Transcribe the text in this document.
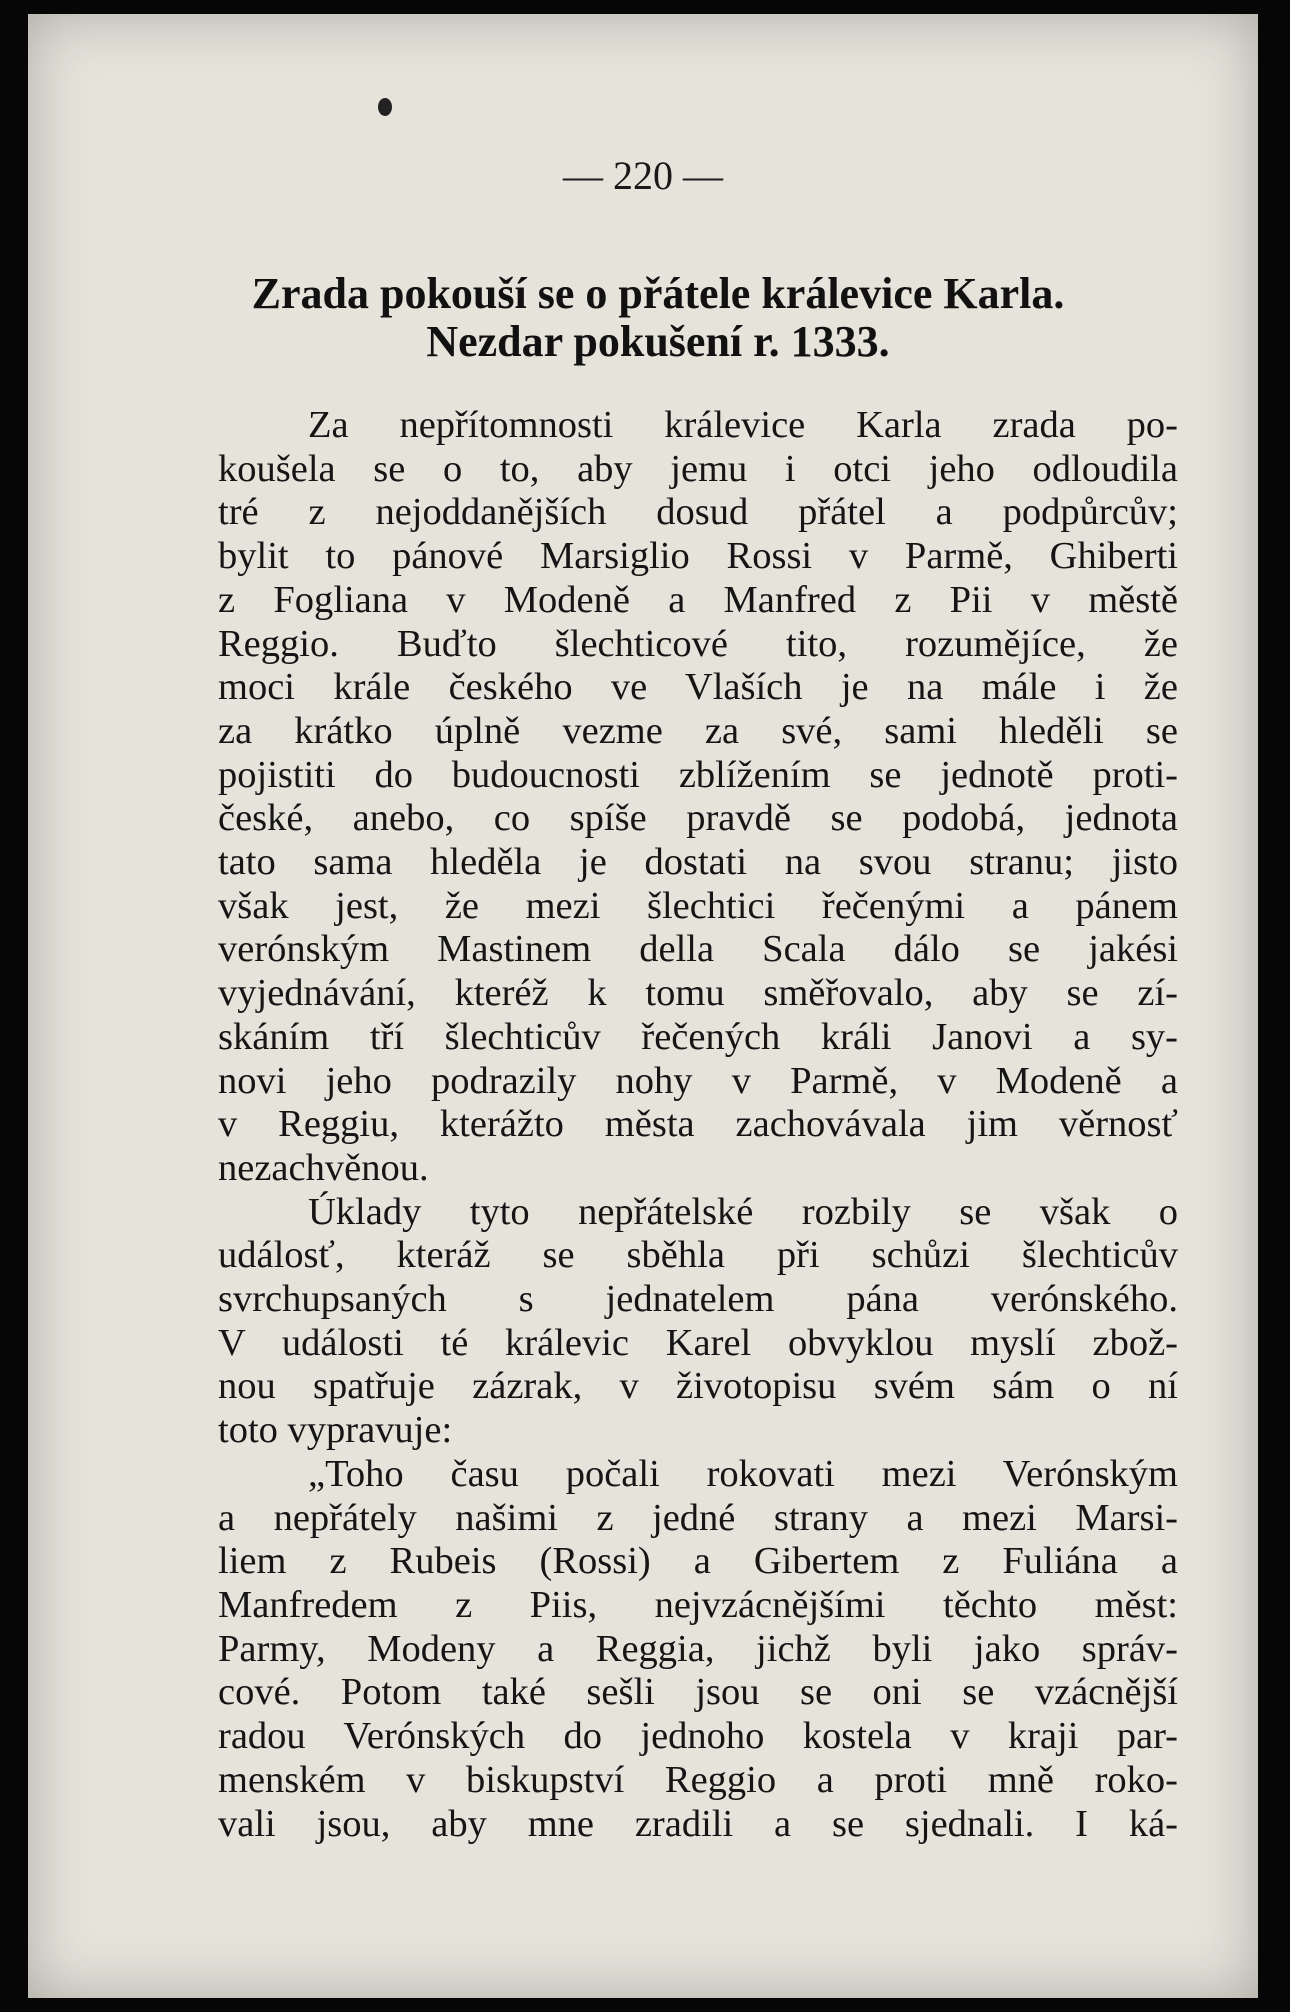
— 220 —
Zrada pokouší se o přátele králevice Karla.
Nezdar pokušení r. 1333.
Za nepřítomnosti králevice Karla zrada po-
koušela se o to, aby jemu i otci jeho odloudila
tré z nejoddanějších dosud přátel a podpůrcův;
bylit to pánové Marsiglio Rossi v Parmě, Ghiberti
z Fogliana v Modeně a Manfred z Pii v městě
Reggio. Buďto šlechticové tito, rozumějíce, že
moci krále českého ve Vlaších je na mále i že
za krátko úplně vezme za své, sami hleděli se
pojistiti do budoucnosti zblížením se jednotě proti-
české, anebo, co spíše pravdě se podobá, jednota
tato sama hleděla je dostati na svou stranu; jisto
však jest, že mezi šlechtici řečenými a pánem
verónským Mastinem della Scala dálo se jakési
vyjednávání, kteréž k tomu směřovalo, aby se zí-
skáním tří šlechticův řečených králi Janovi a sy-
novi jeho podrazily nohy v Parmě, v Modeně a
v Reggiu, kterážto města zachovávala jim věrnosť
nezachvěnou.
Úklady tyto nepřátelské rozbily se však o
událosť, kteráž se sběhla při schůzi šlechticův
svrchupsaných s jednatelem pána verónského.
V události té králevic Karel obvyklou myslí zbož-
nou spatřuje zázrak, v životopisu svém sám o ní
toto vypravuje:
„Toho času počali rokovati mezi Verónským
a nepřátely našimi z jedné strany a mezi Marsi-
liem z Rubeis (Rossi) a Gibertem z Fuliána a
Manfredem z Piis, nejvzácnějšími těchto měst:
Parmy, Modeny a Reggia, jichž byli jako správ-
cové. Potom také sešli jsou se oni se vzácnější
radou Verónských do jednoho kostela v kraji par-
menském v biskupství Reggio a proti mně roko-
vali jsou, aby mne zradili a se sjednali. I ká-
